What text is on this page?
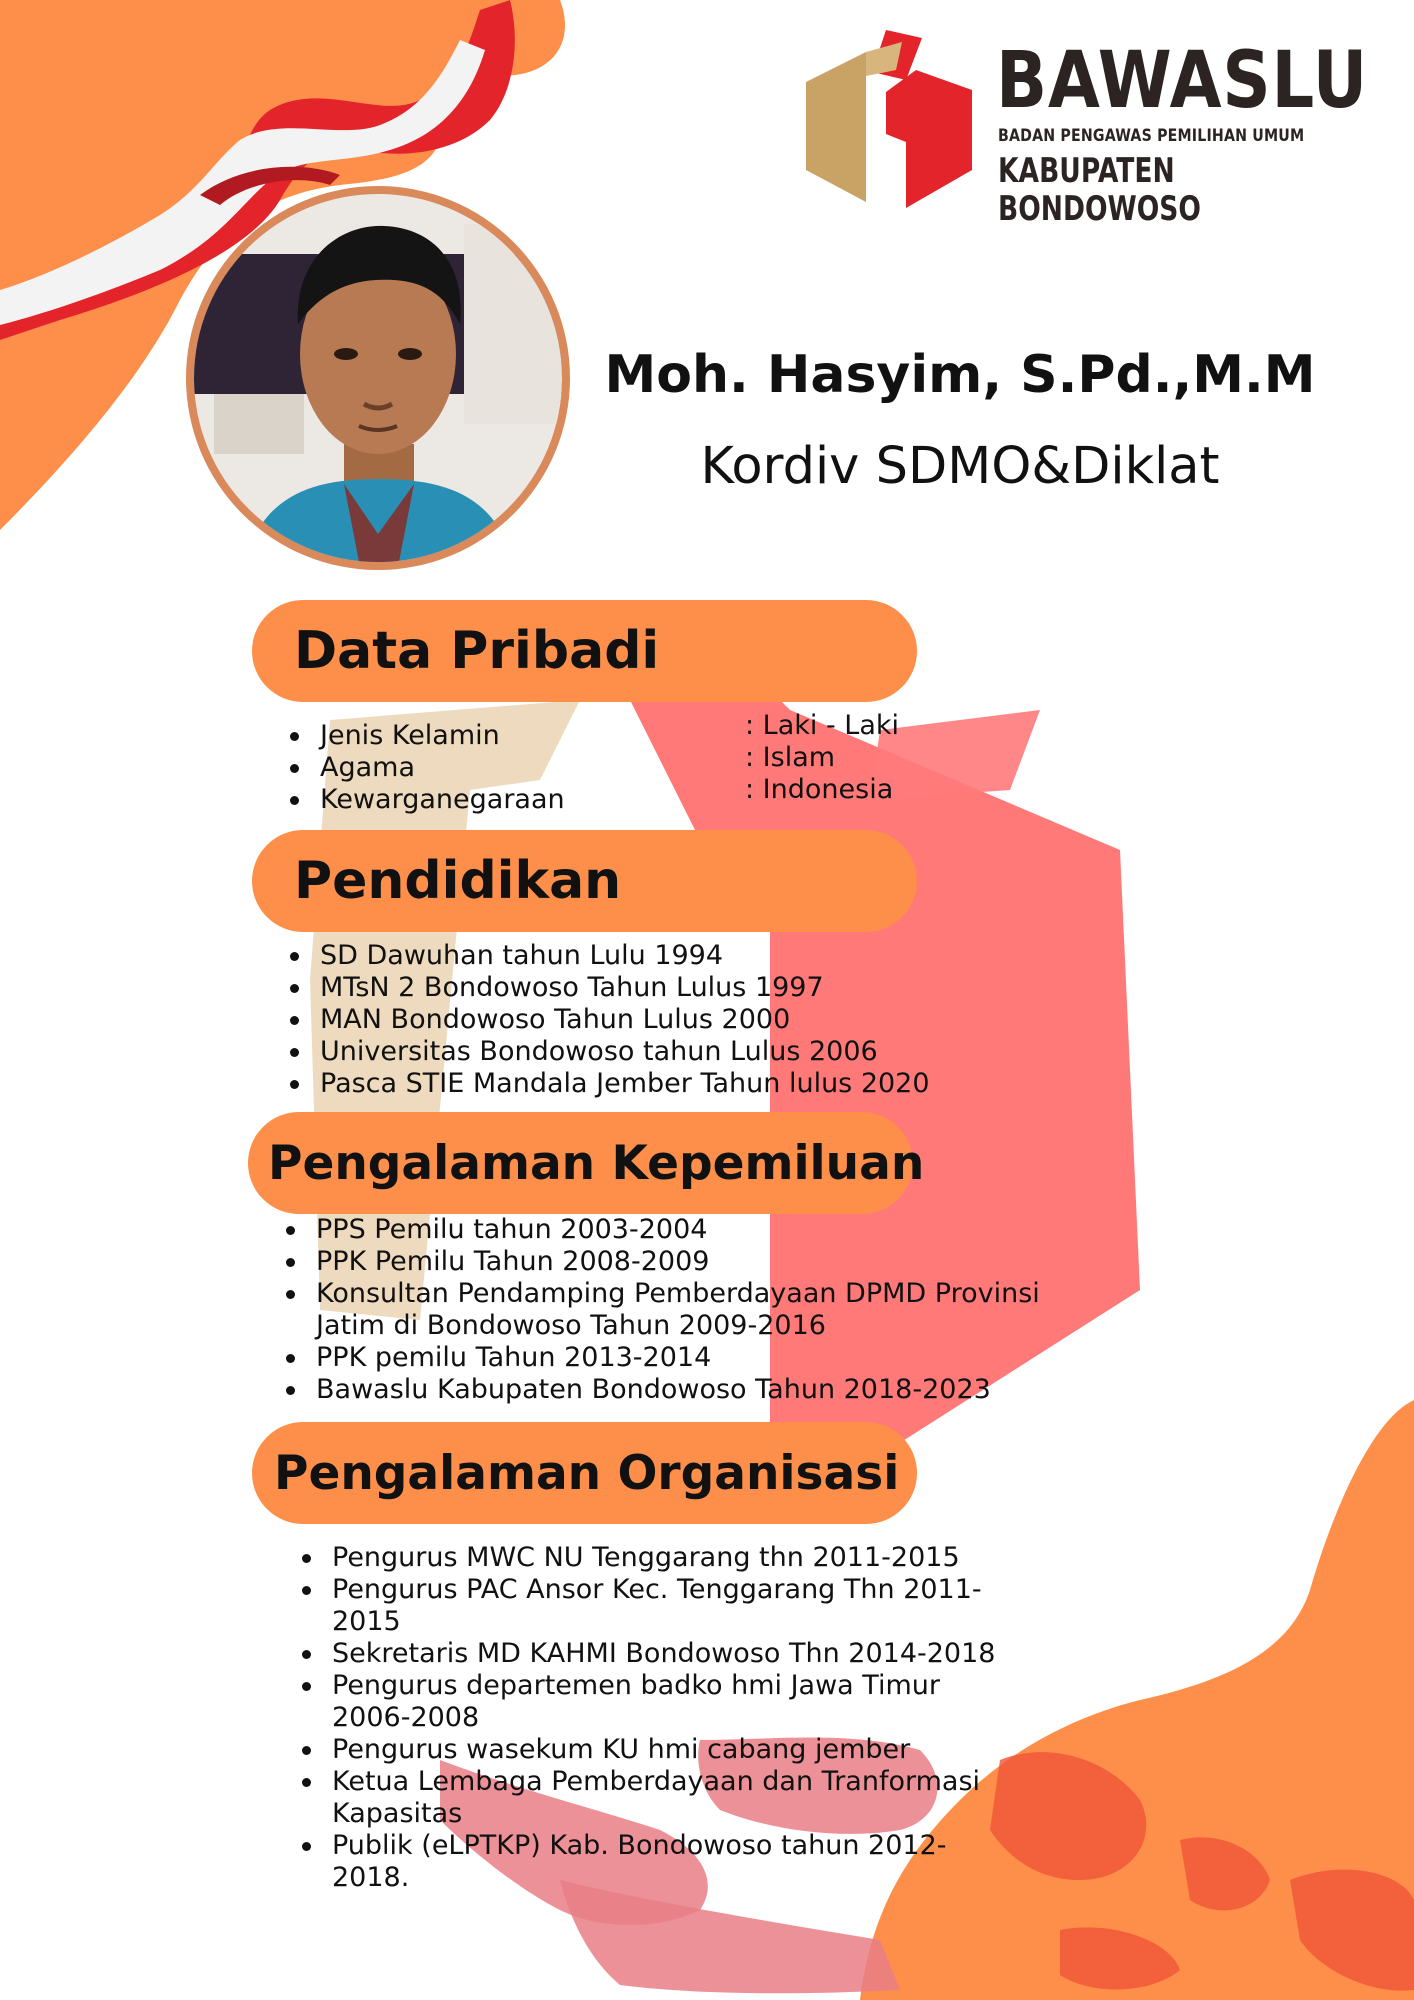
BAWASLU

BADAN PENGAWAS PEMILIHAN UMUM

KABUPATEN BONDOWOSO

Moh. Hasyim, S.Pd.,M.M

Kordiv SDMO&Diklat

Data Pribadi
Jenis Kelamin
Agama
Kewarganegaraan
: Laki - Laki
: Islam
: Indonesia
Pendidikan
SD Dawuhan tahun Lulu 1994
MTsN 2 Bondowoso Tahun Lulus 1997
MAN Bondowoso Tahun Lulus 2000
Universitas Bondowoso tahun Lulus 2006
Pasca STIE Mandala Jember Tahun lulus 2020
Pengalaman Kepemiluan
PPS Pemilu tahun 2003-2004
PPK Pemilu Tahun 2008-2009
Konsultan Pendamping Pemberdayaan DPMD Provinsi Jatim di Bondowoso Tahun 2009-2016
PPK pemilu Tahun 2013-2014
Bawaslu Kabupaten Bondowoso Tahun 2018-2023
Pengalaman Organisasi
Pengurus MWC NU Tenggarang thn 2011-2015
Pengurus PAC Ansor Kec. Tenggarang Thn 2011-2015
Sekretaris MD KAHMI Bondowoso Thn 2014-2018
Pengurus departemen badko hmi Jawa Timur 2006-2008
Pengurus wasekum KU hmi cabang jember
Ketua Lembaga Pemberdayaan dan Tranformasi Kapasitas
Publik (eLPTKP) Kab. Bondowoso tahun 2012-2018.
